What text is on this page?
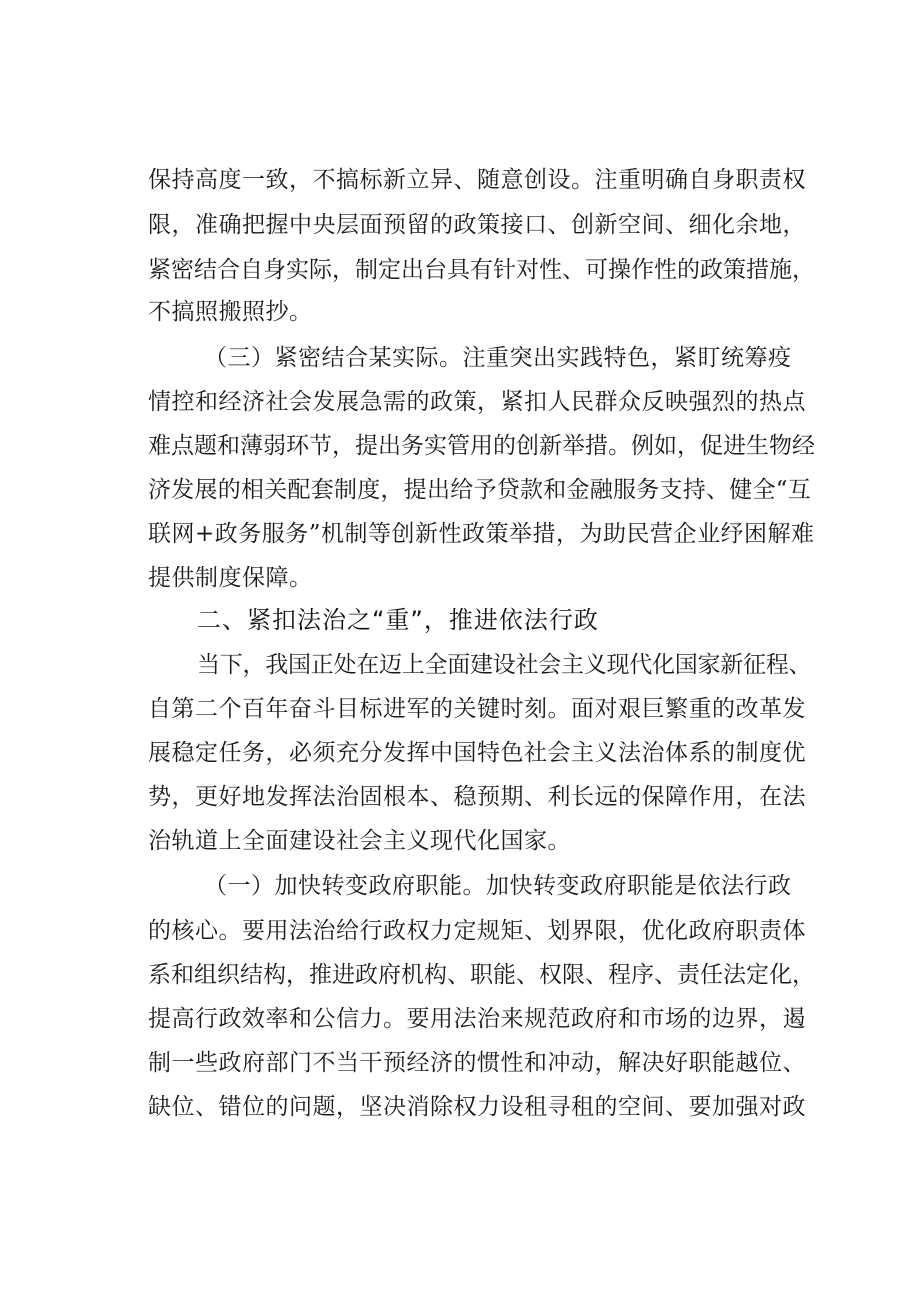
保持高度一致，不搞标新立异、随意创设。注重明确自身职责权
限，准确把握中央层面预留的政策接口、创新空间、细化余地，
紧密结合自身实际，制定出台具有针对性、可操作性的政策措施，
不搞照搬照抄。
（三）紧密结合某实际。注重突出实践特色，紧盯统筹疫
情控和经济社会发展急需的政策，紧扣人民群众反映强烈的热点
难点题和薄弱环节，提出务实管用的创新举措。例如，促进生物经
济发展的相关配套制度，提出给予贷款和金融服务支持、健全“互
联网+政务服务”机制等创新性政策举措，为助民营企业纾困解难
提供制度保障。
二、紧扣法治之“重”，推进依法行政
当下，我国正处在迈上全面建设社会主义现代化国家新征程、
自第二个百年奋斗目标进军的关键时刻。面对艰巨繁重的改革发
展稳定任务，必须充分发挥中国特色社会主义法治体系的制度优
势，更好地发挥法治固根本、稳预期、利长远的保障作用，在法
治轨道上全面建设社会主义现代化国家。
（一）加快转变政府职能。加快转变政府职能是依法行政
的核心。要用法治给行政权力定规矩、划界限，优化政府职责体
系和组织结构，推进政府机构、职能、权限、程序、责任法定化，
提高行政效率和公信力。要用法治来规范政府和市场的边界，遏
制一些政府部门不当干预经济的惯性和冲动，解决好职能越位、
缺位、错位的问题，坚决消除权力设租寻租的空间、要加强对政
